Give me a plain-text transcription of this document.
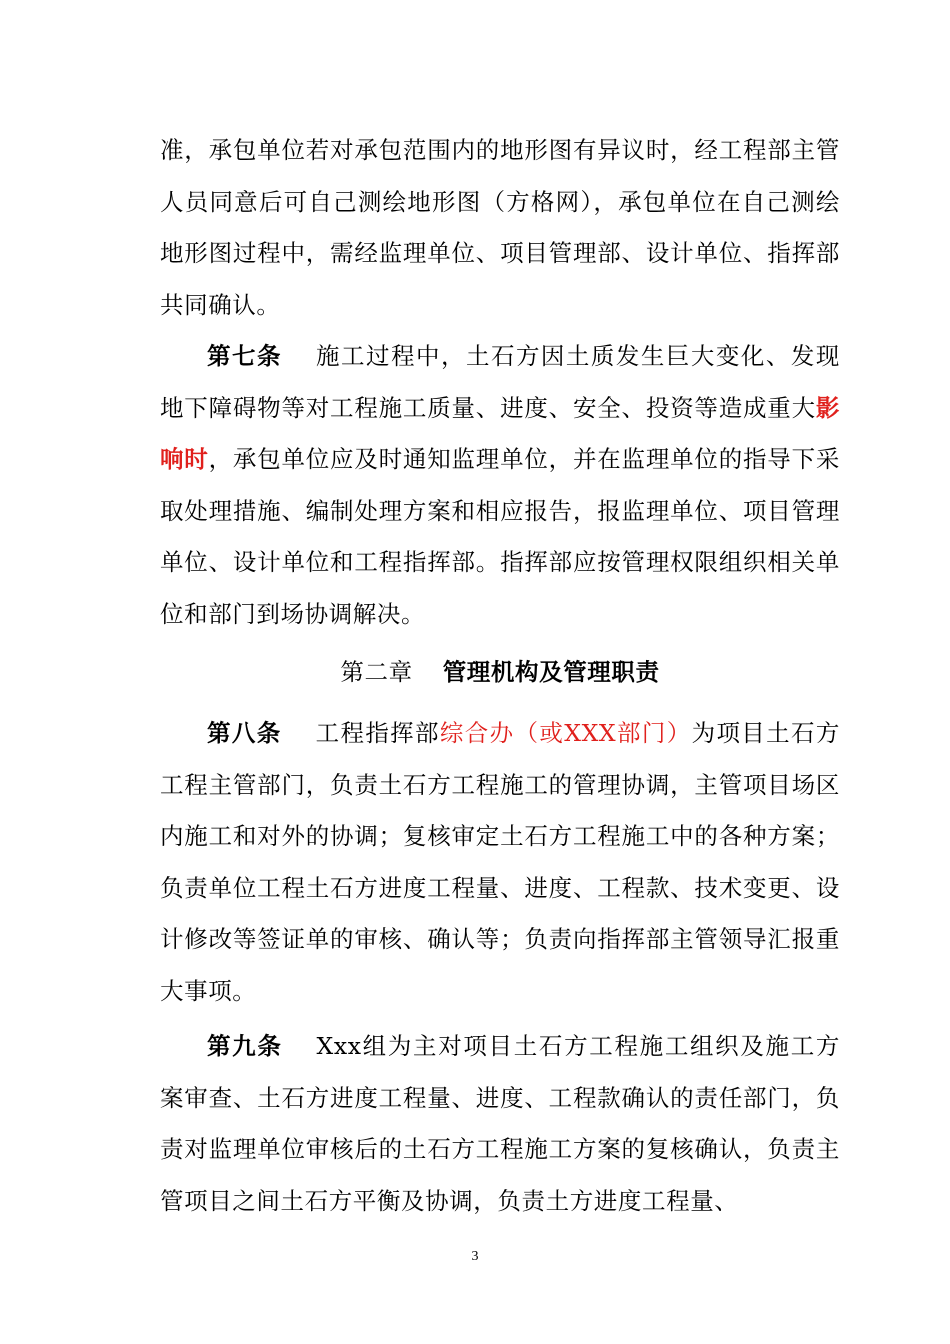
准，承包单位若对承包范围内的地形图有异议时，经工程部主管人员同意后可自己测绘地形图（方格网），承包单位在自己测绘地形图过程中，需经监理单位、项目管理部、设计单位、指挥部共同确认。

第七条 施工过程中，土石方因土质发生巨大变化、发现地下障碍物等对工程施工质量、进度、安全、投资等造成重大影响时，承包单位应及时通知监理单位，并在监理单位的指导下采取处理措施、编制处理方案和相应报告，报监理单位、项目管理单位、设计单位和工程指挥部。指挥部应按管理权限组织相关单位和部门到场协调解决。

第二章 管理机构及管理职责

第八条 工程指挥部综合办（或XXX部门）为项目土石方工程主管部门，负责土石方工程施工的管理协调，主管项目场区内施工和对外的协调；复核审定土石方工程施工中的各种方案；负责单位工程土石方进度工程量、进度、工程款、技术变更、设计修改等签证单的审核、确认等；负责向指挥部主管领导汇报重大事项。

第九条 Xxx组为主对项目土石方工程施工组织及施工方案审查、土石方进度工程量、进度、工程款确认的责任部门，负责对监理单位审核后的土石方工程施工方案的复核确认，负责主管项目之间土石方平衡及协调，负责土方进度工程量、

3
